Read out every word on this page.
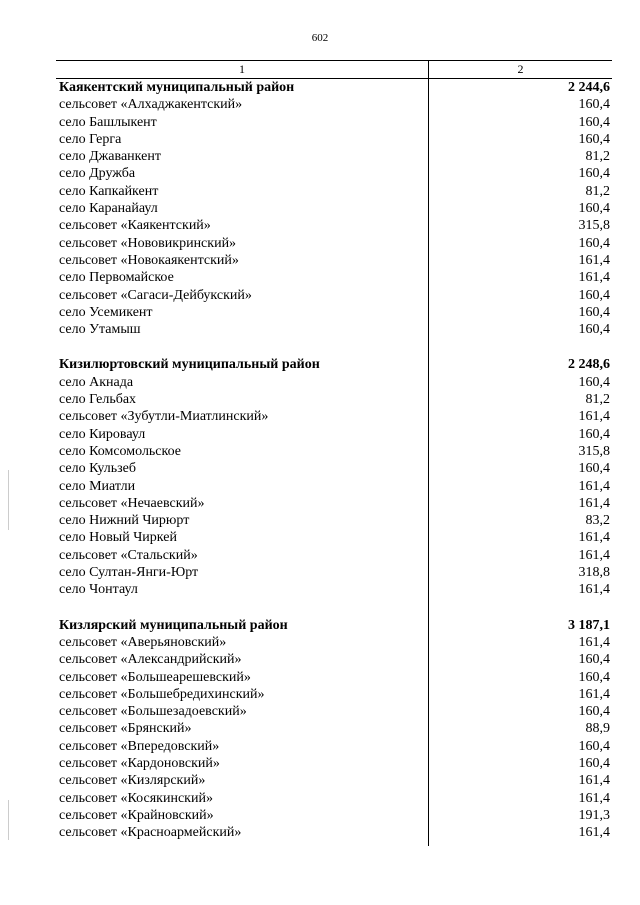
602
1	2
Каякентский муниципальный район	2 244,6
сельсовет «Алхаджакентский»	160,4
село Башлыкент	160,4
село Герга	160,4
село Джаванкент	81,2
село Дружба	160,4
село Капкайкент	81,2
село Каранайаул	160,4
сельсовет «Каякентский»	315,8
сельсовет «Нововикринский»	160,4
сельсовет «Новокаякентский»	161,4
село Первомайское	161,4
сельсовет «Сагаси-Дейбукский»	160,4
село Усемикент	160,4
село Утамыш	160,4
Кизилюртовский муниципальный район	2 248,6
село Акнада	160,4
село Гельбах	81,2
сельсовет «Зубутли-Миатлинский»	161,4
село Кироваул	160,4
село Комсомольское	315,8
село Кульзеб	160,4
село Миатли	161,4
сельсовет «Нечаевский»	161,4
село Нижний Чирюрт	83,2
село Новый Чиркей	161,4
сельсовет «Стальский»	161,4
село Султан-Янги-Юрт	318,8
село Чонтаул	161,4
Кизлярский муниципальный район	3 187,1
сельсовет «Аверьяновский»	161,4
сельсовет «Александрийский»	160,4
сельсовет «Большеарешевский»	160,4
сельсовет «Большебредихинский»	161,4
сельсовет «Большезадоевский»	160,4
сельсовет «Брянский»	88,9
сельсовет «Впередовский»	160,4
сельсовет «Кардоновский»	160,4
сельсовет «Кизлярский»	161,4
сельсовет «Косякинский»	161,4
сельсовет «Крайновский»	191,3
сельсовет «Красноармейский»	161,4
